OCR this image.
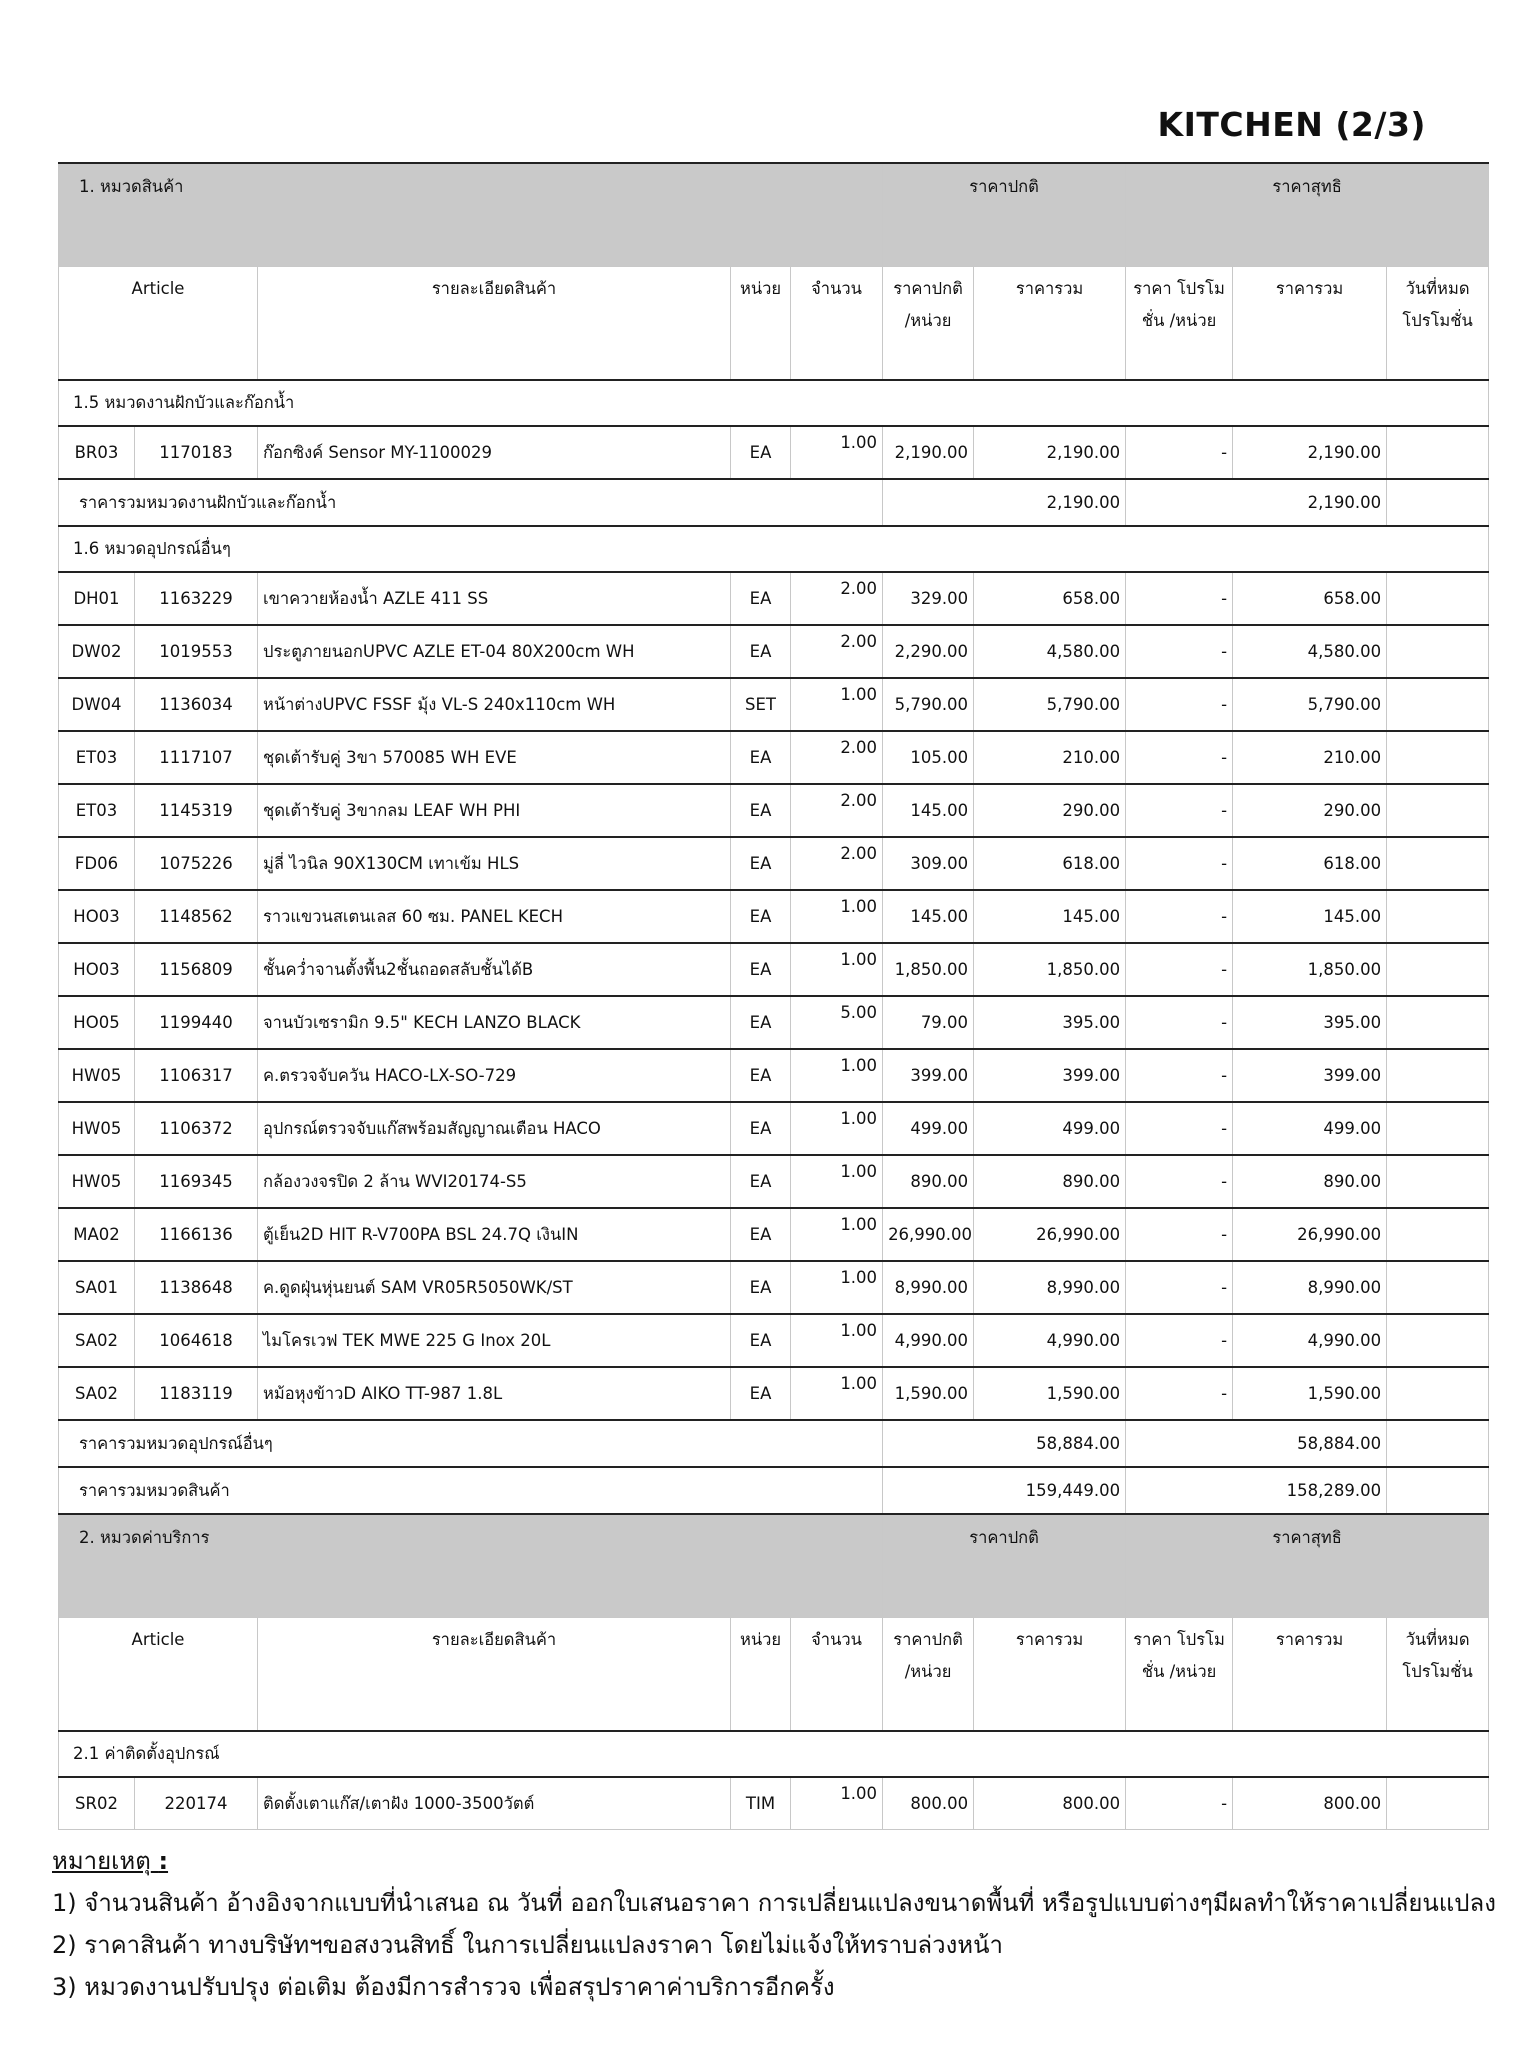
KITCHEN (2/3)
1. หมวดสินค้า					ราคาปกติ		ราคาสุทธิ		
Article		รายละเอียดสินค้า	หน่วย	จำนวน	ราคาปกติ /หน่วย	ราคารวม	ราคา โปรโมชั่น /หน่วย	ราคารวม	วันที่หมด โปรโมชั่น
1.5 หมวดงานฝักบัวและก๊อกน้ำ									
BR03	1170183	ก๊อกซิงค์ Sensor MY-1100029	EA	1.00	2,190.00	2,190.00	-	2,190.00	
ราคารวมหมวดงานฝักบัวและก๊อกน้ำ					2,190.00		2,190.00		
1.6 หมวดอุปกรณ์อื่นๆ									
DH01	1163229	เขาควายห้องน้ำ AZLE 411 SS	EA	2.00	329.00	658.00	-	658.00	
DW02	1019553	ประตูภายนอกUPVC AZLE ET-04 80X200cm WH	EA	2.00	2,290.00	4,580.00	-	4,580.00	
DW04	1136034	หน้าต่างUPVC FSSF มุ้ง VL-S 240x110cm WH	SET	1.00	5,790.00	5,790.00	-	5,790.00	
ET03	1117107	ชุดเต้ารับคู่ 3ขา 570085 WH EVE	EA	2.00	105.00	210.00	-	210.00	
ET03	1145319	ชุดเต้ารับคู่ 3ขากลม LEAF WH PHI	EA	2.00	145.00	290.00	-	290.00	
FD06	1075226	มู่ลี่ ไวนิล 90X130CM เทาเข้ม HLS	EA	2.00	309.00	618.00	-	618.00	
HO03	1148562	ราวแขวนสเตนเลส 60 ซม. PANEL KECH	EA	1.00	145.00	145.00	-	145.00	
HO03	1156809	ชั้นคว่ำจานตั้งพื้น2ชั้นถอดสลับชั้นได้B	EA	1.00	1,850.00	1,850.00	-	1,850.00	
HO05	1199440	จานบัวเซรามิก 9.5" KECH LANZO BLACK	EA	5.00	79.00	395.00	-	395.00	
HW05	1106317	ค.ตรวจจับควัน HACO-LX-SO-729	EA	1.00	399.00	399.00	-	399.00	
HW05	1106372	อุปกรณ์ตรวจจับแก๊สพร้อมสัญญาณเตือน HACO	EA	1.00	499.00	499.00	-	499.00	
HW05	1169345	กล้องวงจรปิด 2 ล้าน WVI20174-S5	EA	1.00	890.00	890.00	-	890.00	
MA02	1166136	ตู้เย็น2D HIT R-V700PA BSL 24.7Q เงินIN	EA	1.00	26,990.00	26,990.00	-	26,990.00	
SA01	1138648	ค.ดูดฝุ่นหุ่นยนต์ SAM VR05R5050WK/ST	EA	1.00	8,990.00	8,990.00	-	8,990.00	
SA02	1064618	ไมโครเวฟ TEK MWE 225 G Inox 20L	EA	1.00	4,990.00	4,990.00	-	4,990.00	
SA02	1183119	หม้อหุงข้าวD AIKO TT-987 1.8L	EA	1.00	1,590.00	1,590.00	-	1,590.00	
ราคารวมหมวดอุปกรณ์อื่นๆ					58,884.00		58,884.00		
ราคารวมหมวดสินค้า					159,449.00		158,289.00		
2. หมวดค่าบริการ					ราคาปกติ		ราคาสุทธิ		
Article		รายละเอียดสินค้า	หน่วย	จำนวน	ราคาปกติ /หน่วย	ราคารวม	ราคา โปรโมชั่น /หน่วย	ราคารวม	วันที่หมด โปรโมชั่น
2.1 ค่าติดตั้งอุปกรณ์									
SR02	220174	ติดตั้งเตาแก๊ส/เตาฝัง 1000-3500วัตต์	TIM	1.00	800.00	800.00	-	800.00	
หมายเหตุ :
1) จำนวนสินค้า อ้างอิงจากแบบที่นำเสนอ ณ วันที่ ออกใบเสนอราคา การเปลี่ยนแปลงขนาดพื้นที่ หรือรูปแบบต่างๆมีผลทำให้ราคาเปลี่ยนแปลง
2) ราคาสินค้า ทางบริษัทฯขอสงวนสิทธิ์ ในการเปลี่ยนแปลงราคา โดยไม่แจ้งให้ทราบล่วงหน้า
3) หมวดงานปรับปรุง ต่อเติม ต้องมีการสำรวจ เพื่อสรุปราคาค่าบริการอีกครั้ง
